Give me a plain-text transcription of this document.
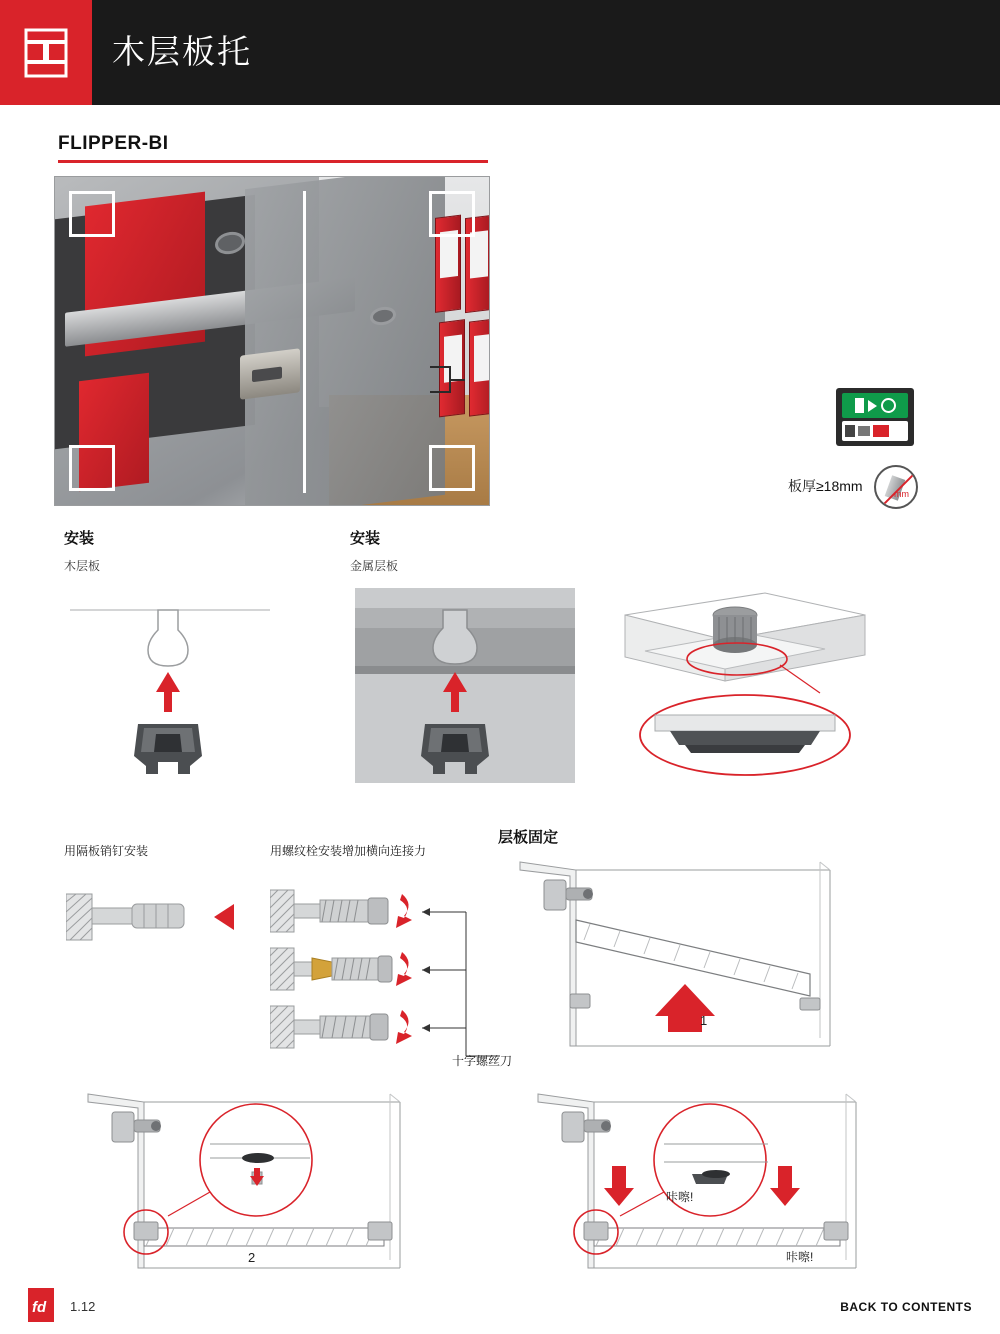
木层板托
FLIPPER-BI
板厚≥18mm	mm
安装
木层板
安装
金属层板
用隔板销钉安装	用螺纹栓安装增加横向连接力
十字螺丝刀
层板固定
1
2
咔嚓!
咔嚓!
fd 1.12	BACK TO CONTENTS
